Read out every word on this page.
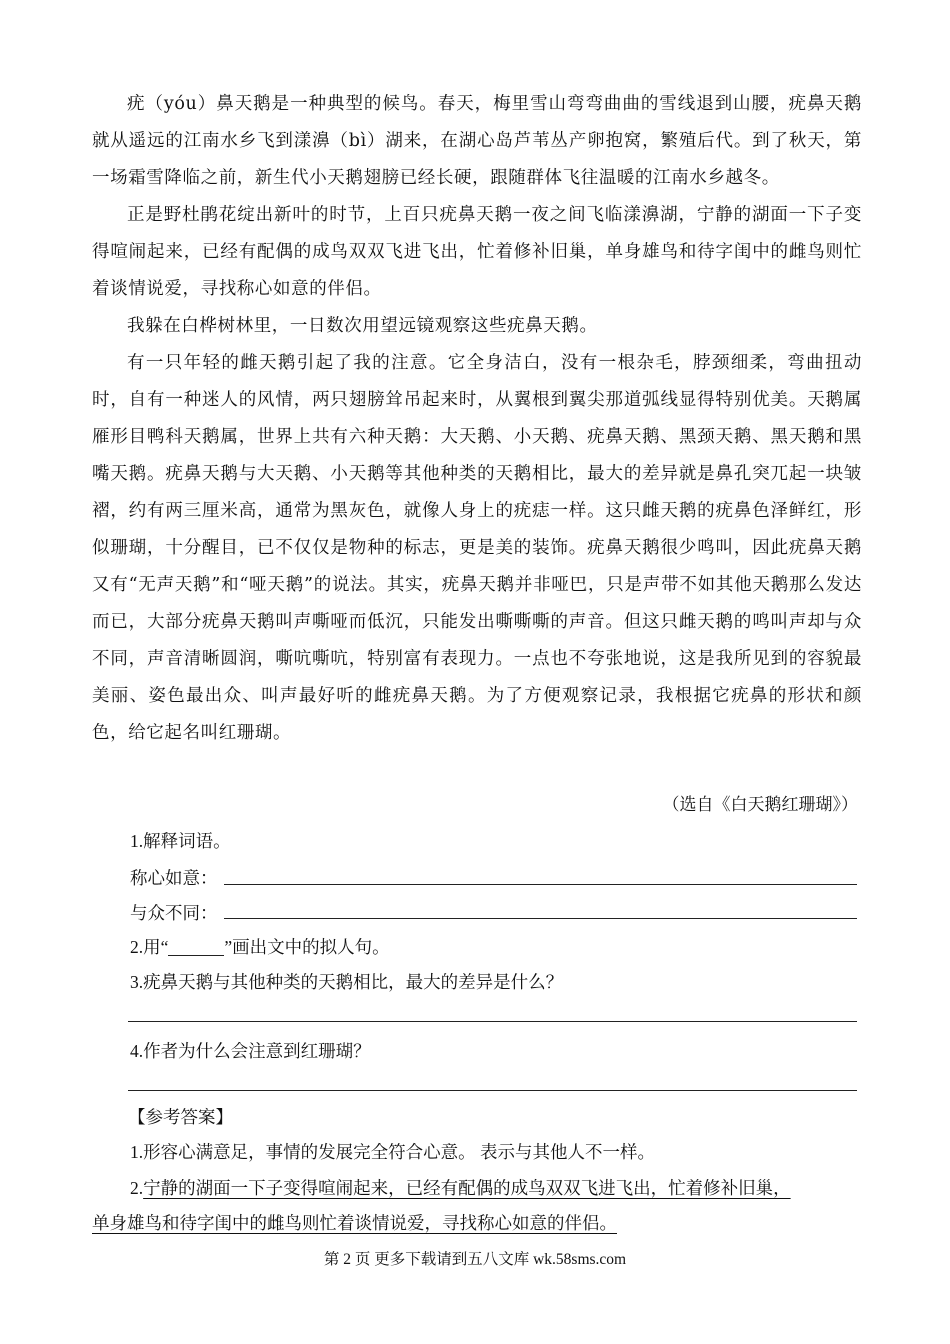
疣（yóu）鼻天鹅是一种典型的候鸟。春天，梅里雪山弯弯曲曲的雪线退到山腰，疣鼻天鹅就从遥远的江南水乡飞到漾濞（bì）湖来，在湖心岛芦苇丛产卵抱窝，繁殖后代。到了秋天，第一场霜雪降临之前，新生代小天鹅翅膀已经长硬，跟随群体飞往温暖的江南水乡越冬。

正是野杜鹃花绽出新叶的时节，上百只疣鼻天鹅一夜之间飞临漾濞湖，宁静的湖面一下子变得喧闹起来，已经有配偶的成鸟双双飞进飞出，忙着修补旧巢，单身雄鸟和待字闺中的雌鸟则忙着谈情说爱，寻找称心如意的伴侣。

我躲在白桦树林里，一日数次用望远镜观察这些疣鼻天鹅。

有一只年轻的雌天鹅引起了我的注意。它全身洁白，没有一根杂毛，脖颈细柔，弯曲扭动时，自有一种迷人的风情，两只翅膀耸吊起来时，从翼根到翼尖那道弧线显得特别优美。天鹅属雁形目鸭科天鹅属，世界上共有六种天鹅：大天鹅、小天鹅、疣鼻天鹅、黑颈天鹅、黑天鹅和黑嘴天鹅。疣鼻天鹅与大天鹅、小天鹅等其他种类的天鹅相比，最大的差异就是鼻孔突兀起一块皱褶，约有两三厘米高，通常为黑灰色，就像人身上的疣痣一样。这只雌天鹅的疣鼻色泽鲜红，形似珊瑚，十分醒目，已不仅仅是物种的标志，更是美的装饰。疣鼻天鹅很少鸣叫，因此疣鼻天鹅又有“无声天鹅”和“哑天鹅”的说法。其实，疣鼻天鹅并非哑巴，只是声带不如其他天鹅那么发达而已，大部分疣鼻天鹅叫声嘶哑而低沉，只能发出嘶嘶嘶的声音。但这只雌天鹅的鸣叫声却与众不同，声音清晰圆润，嘶吭嘶吭，特别富有表现力。一点也不夸张地说，这是我所见到的容貌最美丽、姿色最出众、叫声最好听的雌疣鼻天鹅。为了方便观察记录，我根据它疣鼻的形状和颜色，给它起名叫红珊瑚。

（选自《白天鹅红珊瑚》）
1.解释词语。
称心如意：
与众不同：
2.用“	”画出文中的拟人句。
3.疣鼻天鹅与其他种类的天鹅相比，最大的差异是什么？
4.作者为什么会注意到红珊瑚？
【参考答案】
1.形容心满意足，事情的发展完全符合心意。 表示与其他人不一样。
2.宁静的湖面一下子变得喧闹起来，已经有配偶的成鸟双双飞进飞出，忙着修补旧巢，
单身雄鸟和待字闺中的雌鸟则忙着谈情说爱，寻找称心如意的伴侣。
第 2 页 更多下载请到五八文库 wk.58sms.com
